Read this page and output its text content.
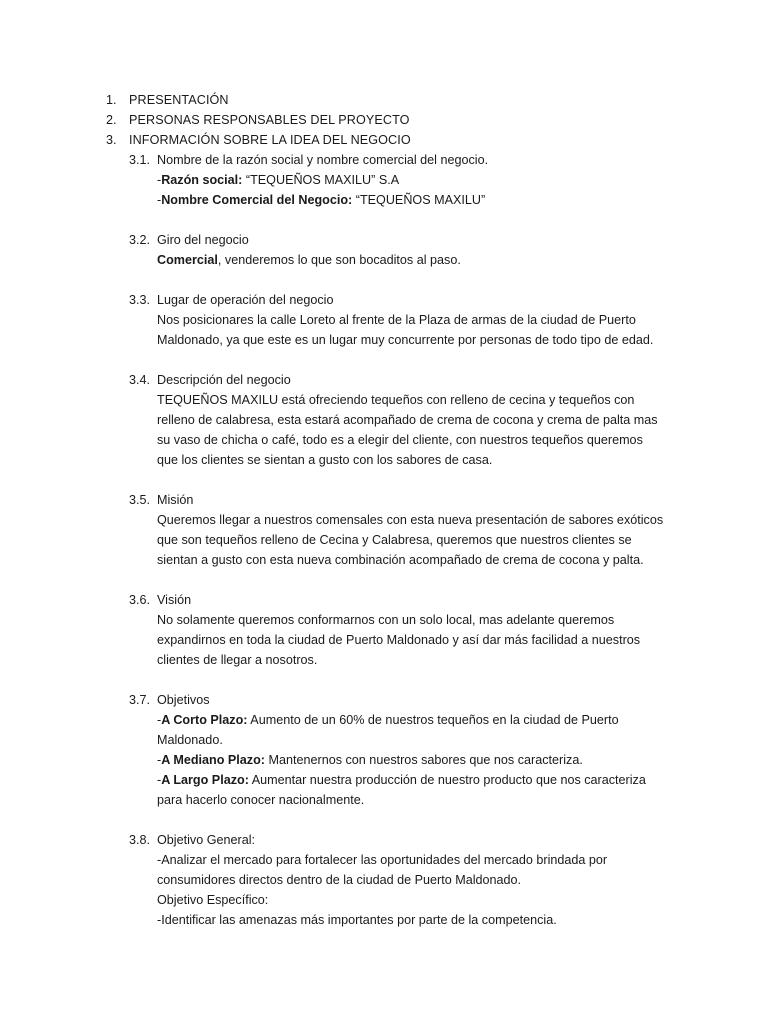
1. PRESENTACIÓN
2. PERSONAS RESPONSABLES DEL PROYECTO
3. INFORMACIÓN SOBRE LA IDEA DEL NEGOCIO
3.1. Nombre de la razón social y nombre comercial del negocio.
-Razón social: “TEQUEÑOS MAXILU” S.A
-Nombre Comercial del Negocio: “TEQUEÑOS MAXILU”
3.2. Giro del negocio
Comercial, venderemos lo que son bocaditos al paso.
3.3. Lugar de operación del negocio
Nos posicionares la calle Loreto al frente de la Plaza de armas de la ciudad de Puerto
Maldonado, ya que este es un lugar muy concurrente por personas de todo tipo de edad.
3.4. Descripción del negocio
TEQUEÑOS MAXILU está ofreciendo tequeños con relleno de cecina y tequeños con
relleno de calabresa, esta estará acompañado de crema de cocona y crema de palta mas
su vaso de chicha o café, todo es a elegir del cliente, con nuestros tequeños queremos
que los clientes se sientan a gusto con los sabores de casa.
3.5. Misión
Queremos llegar a nuestros comensales con esta nueva presentación de sabores exóticos
que son tequeños relleno de Cecina y Calabresa, queremos que nuestros clientes se
sientan a gusto con esta nueva combinación acompañado de crema de cocona y palta.
3.6. Visión
No solamente queremos conformarnos con un solo local, mas adelante queremos
expandirnos en toda la ciudad de Puerto Maldonado y así dar más facilidad a nuestros
clientes de llegar a nosotros.
3.7. Objetivos
-A Corto Plazo: Aumento de un 60% de nuestros tequeños en la ciudad de Puerto
Maldonado.
-A Mediano Plazo: Mantenernos con nuestros sabores que nos caracteriza.
-A Largo Plazo: Aumentar nuestra producción de nuestro producto que nos caracteriza
para hacerlo conocer nacionalmente.
3.8. Objetivo General:
-Analizar el mercado para fortalecer las oportunidades del mercado brindada por
consumidores directos dentro de la ciudad de Puerto Maldonado.
Objetivo Específico:
-Identificar las amenazas más importantes por parte de la competencia.
